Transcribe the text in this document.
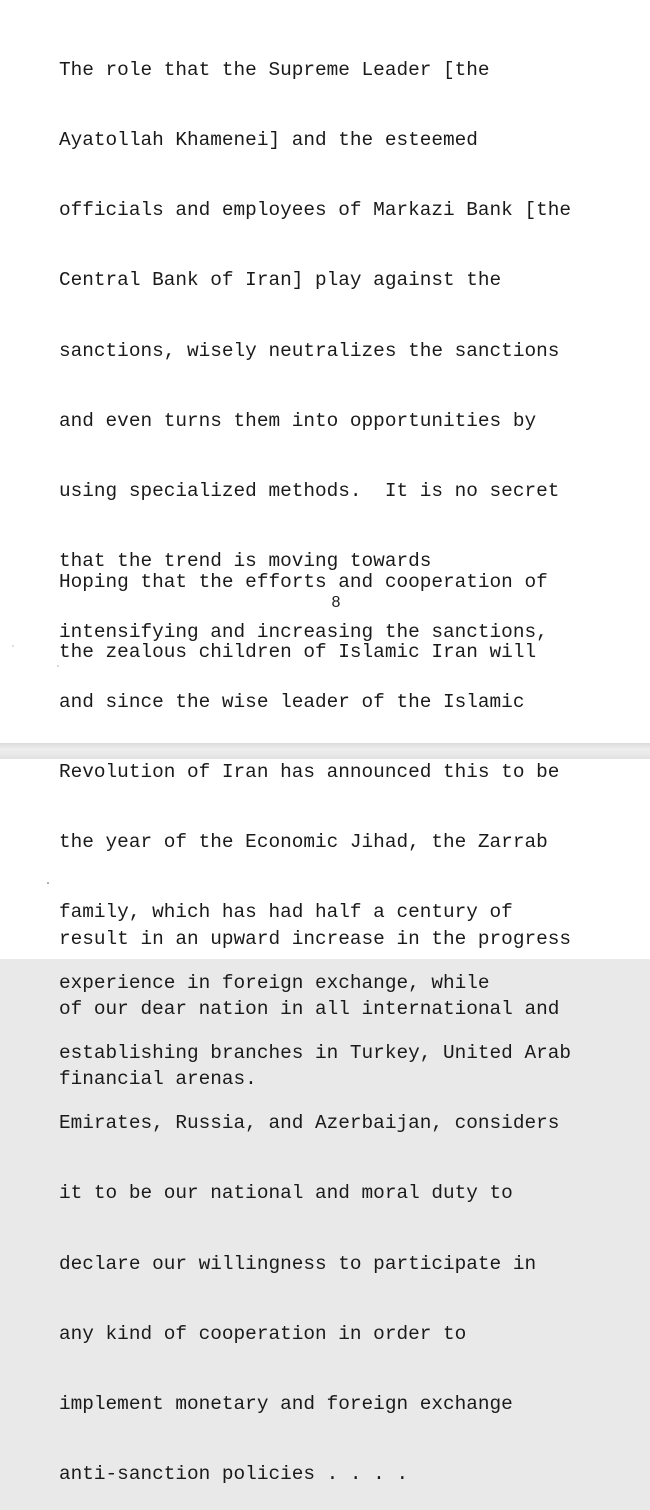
The role that the Supreme Leader [the

Ayatollah Khamenei] and the esteemed

officials and employees of Markazi Bank [the

Central Bank of Iran] play against the

sanctions, wisely neutralizes the sanctions

and even turns them into opportunities by

using specialized methods.  It is no secret

that the trend is moving towards

intensifying and increasing the sanctions,

and since the wise leader of the Islamic

Revolution of Iran has announced this to be

the year of the Economic Jihad, the Zarrab

family, which has had half a century of

experience in foreign exchange, while

establishing branches in Turkey, United Arab

Emirates, Russia, and Azerbaijan, considers

it to be our national and moral duty to

declare our willingness to participate in

any kind of cooperation in order to

implement monetary and foreign exchange

anti-sanction policies . . . .

Hoping that the efforts and cooperation of

the zealous children of Islamic Iran will

8

result in an upward increase in the progress

of our dear nation in all international and

financial arenas.
